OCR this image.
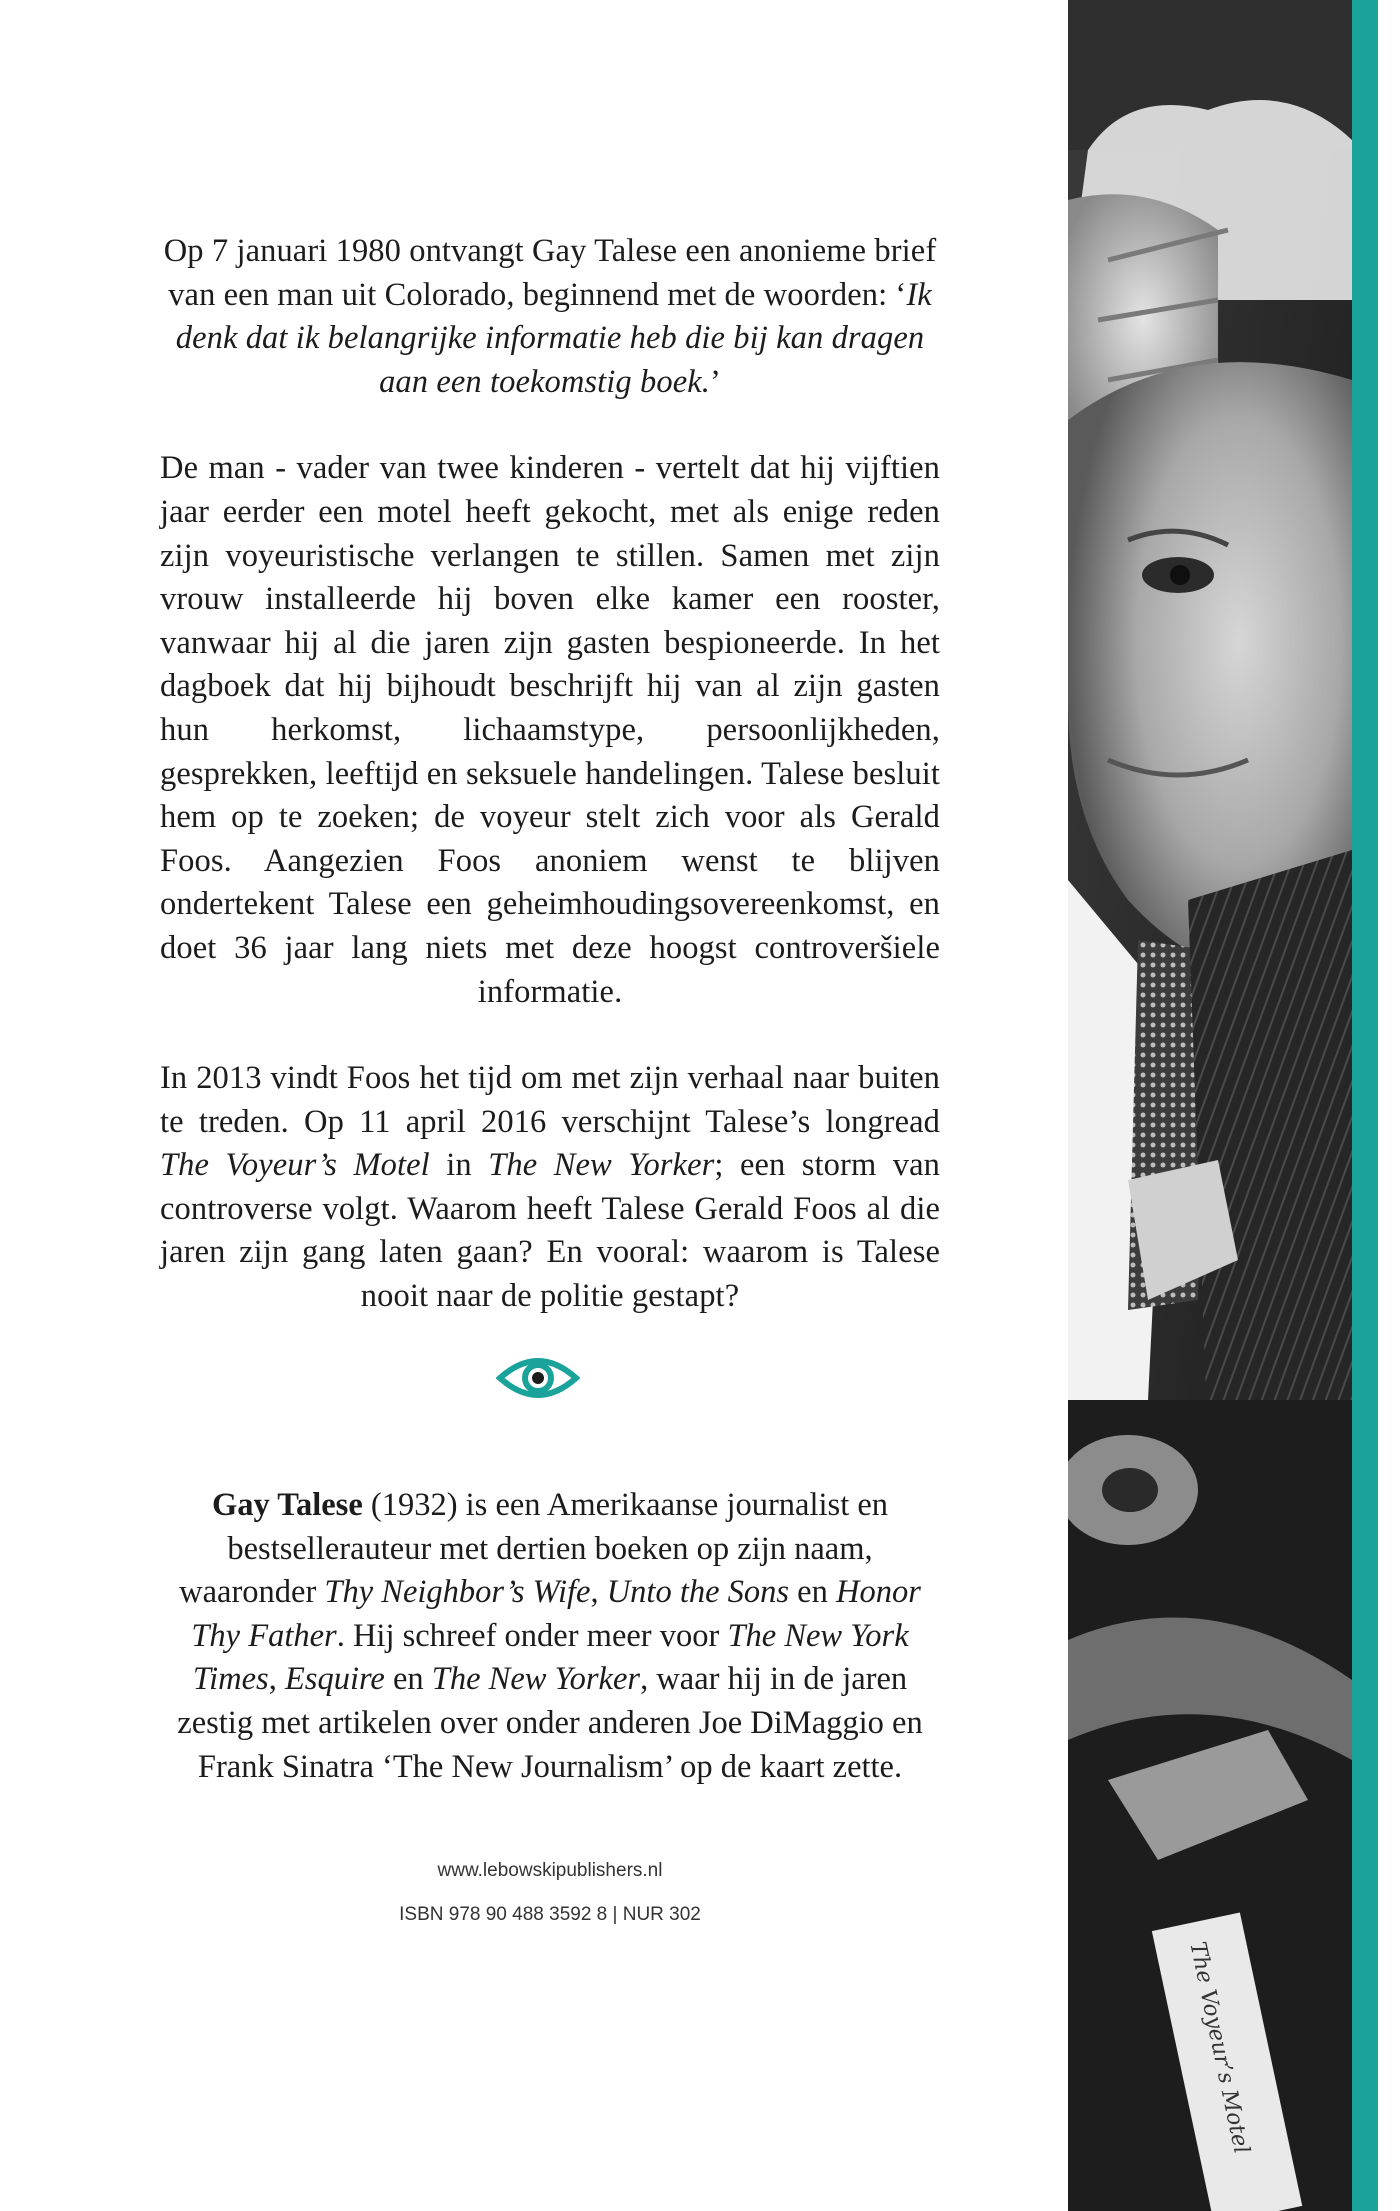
Op 7 januari 1980 ontvangt Gay Talese een anonieme brief van een man uit Colorado, beginnend met de woorden: ‘Ik denk dat ik belangrijke informatie heb die bij kan dragen aan een toekomstig boek.’

De man - vader van twee kinderen - vertelt dat hij vijftien jaar eerder een motel heeft gekocht, met als enige reden zijn voyeuristische verlangen te stillen. Samen met zijn vrouw installeerde hij boven elke kamer een rooster, vanwaar hij al die jaren zijn gasten bespioneerde. In het dagboek dat hij bijhoudt beschrijft hij van al zijn gasten hun herkomst, lichaamstype, persoonlijkheden, gesprekken, leeftijd en seksuele handelingen. Talese besluit hem op te zoeken; de voyeur stelt zich voor als Gerald Foos. Aangezien Foos anoniem wenst te blijven ondertekent Talese een geheimhoudingsovereenkomst, en doet 36 jaar lang niets met deze hoogst controveršiele informatie.

In 2013 vindt Foos het tijd om met zijn verhaal naar buiten te treden. Op 11 april 2016 verschijnt Talese’s longread The Voyeur’s Motel in The New Yorker; een storm van controverse volgt. Waarom heeft Talese Gerald Foos al die jaren zijn gang laten gaan? En vooral: waarom is Talese nooit naar de politie gestapt?

Gay Talese (1932) is een Amerikaanse journalist en bestsellerauteur met dertien boeken op zijn naam, waaronder Thy Neighbor’s Wife, Unto the Sons en Honor Thy Father. Hij schreef onder meer voor The New York Times, Esquire en The New Yorker, waar hij in de jaren zestig met artikelen over onder anderen Joe DiMaggio en Frank Sinatra ‘The New Journalism’ op de kaart zette.

www.lebowskipublishers.nl
ISBN 978 90 488 3592 8 | NUR 302
The Voyeur’s Motel
